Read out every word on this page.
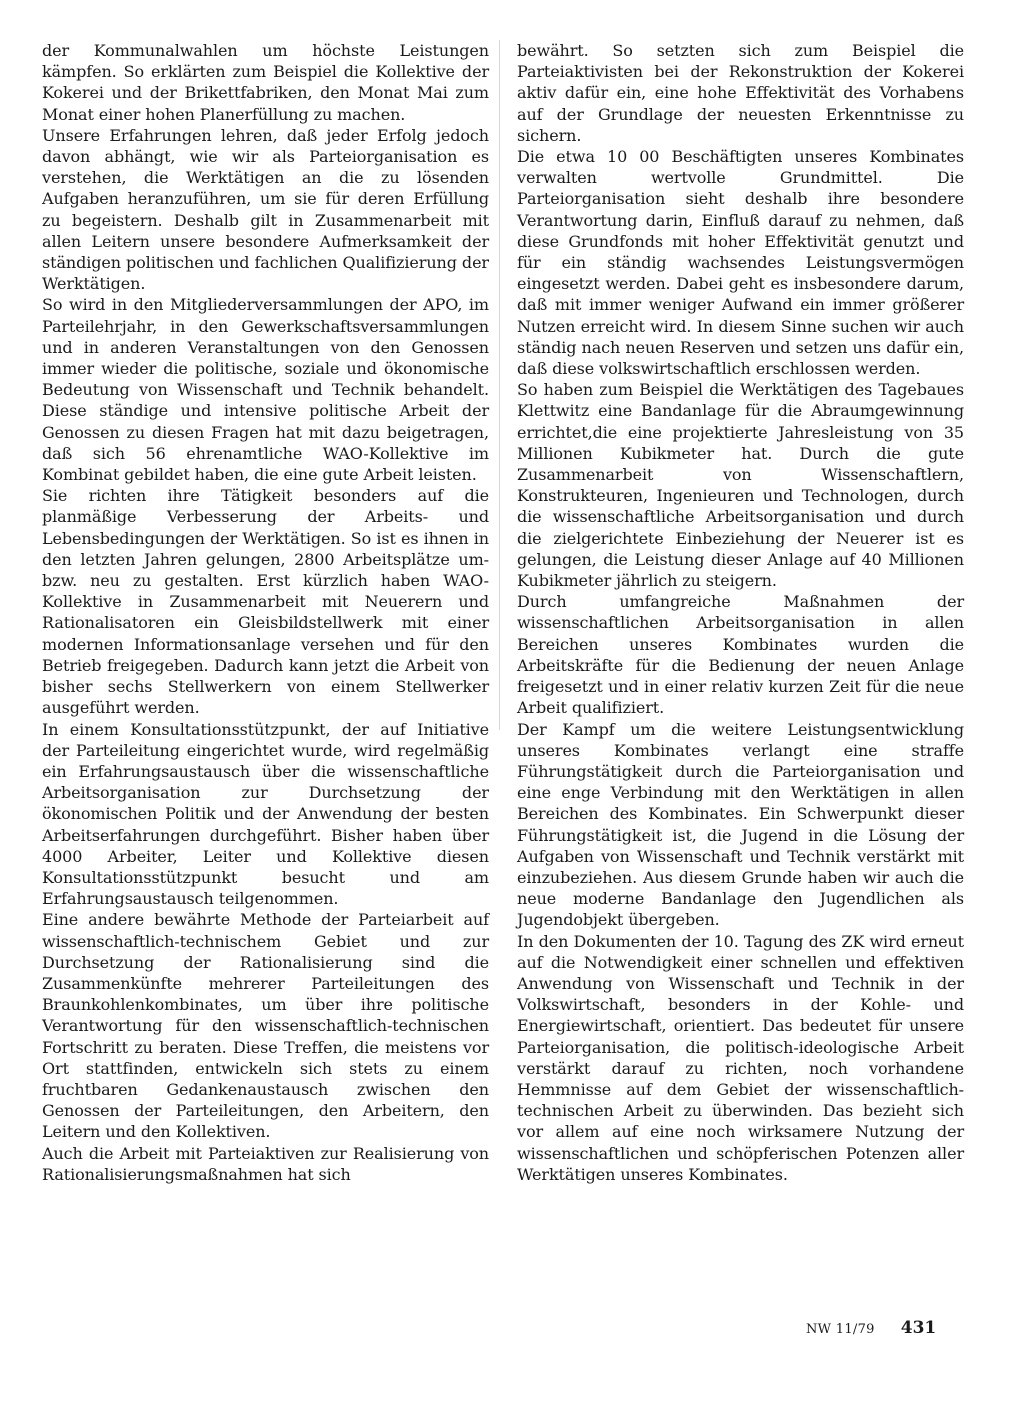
der Kommunalwahlen um höchste Leistungen kämpfen. So erklärten zum Beispiel die Kollektive der Kokerei und der Brikettfabriken, den Monat Mai zum Monat einer hohen Planerfüllung zu machen.

Unsere Erfahrungen lehren, daß jeder Erfolg jedoch davon abhängt, wie wir als Parteiorganisation es verstehen, die Werktätigen an die zu lösenden Aufgaben heranzuführen, um sie für deren Erfüllung zu begeistern. Deshalb gilt in Zusammenarbeit mit allen Leitern unsere besondere Aufmerksamkeit der ständigen politischen und fachlichen Qualifizierung der Werktätigen.

So wird in den Mitgliederversammlungen der APO, im Parteilehrjahr, in den Gewerkschaftsversammlungen und in anderen Veranstaltungen von den Genossen immer wieder die politische, soziale und ökonomische Bedeutung von Wissenschaft und Technik behandelt. Diese ständige und intensive politische Arbeit der Genossen zu diesen Fragen hat mit dazu beigetragen, daß sich 56 ehrenamtliche WAO-Kollektive im Kombinat gebildet haben, die eine gute Arbeit leisten.

Sie richten ihre Tätigkeit besonders auf die planmäßige Verbesserung der Arbeits- und Lebensbedingungen der Werktätigen. So ist es ihnen in den letzten Jahren gelungen, 2800 Arbeitsplätze um- bzw. neu zu gestalten. Erst kürzlich haben WAO-Kollektive in Zusammenarbeit mit Neuerern und Rationalisatoren ein Gleisbildstellwerk mit einer modernen Informationsanlage versehen und für den Betrieb freigegeben. Dadurch kann jetzt die Arbeit von bisher sechs Stellwerkern von einem Stellwerker ausgeführt werden.

In einem Konsultationsstützpunkt, der auf Initiative der Parteileitung eingerichtet wurde, wird regelmäßig ein Erfahrungsaustausch über die wissenschaftliche Arbeitsorganisation zur Durchsetzung der ökonomischen Politik und der Anwendung der besten Arbeitserfahrungen durchgeführt. Bisher haben über 4000 Arbeiter, Leiter und Kollektive diesen Konsultationsstützpunkt besucht und am Erfahrungsaustausch teilgenommen.

Eine andere bewährte Methode der Parteiarbeit auf wissenschaftlich-technischem Gebiet und zur Durchsetzung der Rationalisierung sind die Zusammenkünfte mehrerer Parteileitungen des Braunkohlenkombinates, um über ihre politische Verantwortung für den wissenschaftlich-technischen Fortschritt zu beraten. Diese Treffen, die meistens vor Ort stattfinden, entwickeln sich stets zu einem fruchtbaren Gedankenaustausch zwischen den Genossen der Parteileitungen, den Arbeitern, den Leitern und den Kollektiven.

Auch die Arbeit mit Parteiaktiven zur Realisierung von Rationalisierungsmaßnahmen hat sich

bewährt. So setzten sich zum Beispiel die Parteiaktivisten bei der Rekonstruktion der Kokerei aktiv dafür ein, eine hohe Effektivität des Vorhabens auf der Grundlage der neuesten Erkenntnisse zu sichern.

Die etwa 10 00 Beschäftigten unseres Kombinates verwalten wertvolle Grundmittel. Die Parteiorganisation sieht deshalb ihre besondere Verantwortung darin, Einfluß darauf zu nehmen, daß diese Grundfonds mit hoher Effektivität genutzt und für ein ständig wachsendes Leistungsvermögen eingesetzt werden. Dabei geht es insbesondere darum, daß mit immer weniger Aufwand ein immer größerer Nutzen erreicht wird. In diesem Sinne suchen wir auch ständig nach neuen Reserven und setzen uns dafür ein, daß diese volkswirtschaftlich erschlossen werden.

So haben zum Beispiel die Werktätigen des Tagebaues Klettwitz eine Bandanlage für die Abraumgewinnung errichtet,die eine projektierte Jahresleistung von 35 Millionen Kubikmeter hat. Durch die gute Zusammenarbeit von Wissenschaftlern, Konstrukteuren, Ingenieuren und Technologen, durch die wissenschaftliche Arbeitsorganisation und durch die zielgerichtete Einbeziehung der Neuerer ist es gelungen, die Leistung dieser Anlage auf 40 Millionen Kubikmeter jährlich zu steigern.

Durch umfangreiche Maßnahmen der wissenschaftlichen Arbeitsorganisation in allen Bereichen unseres Kombinates wurden die Arbeitskräfte für die Bedienung der neuen Anlage freigesetzt und in einer relativ kurzen Zeit für die neue Arbeit qualifiziert.

Der Kampf um die weitere Leistungsentwicklung unseres Kombinates verlangt eine straffe Führungstätigkeit durch die Parteiorganisation und eine enge Verbindung mit den Werktätigen in allen Bereichen des Kombinates. Ein Schwerpunkt dieser Führungstätigkeit ist, die Jugend in die Lösung der Aufgaben von Wissenschaft und Technik verstärkt mit einzubeziehen. Aus diesem Grunde haben wir auch die neue moderne Bandanlage den Jugendlichen als Jugendobjekt übergeben.

In den Dokumenten der 10. Tagung des ZK wird erneut auf die Notwendigkeit einer schnellen und effektiven Anwendung von Wissenschaft und Technik in der Volkswirtschaft, besonders in der Kohle- und Energiewirtschaft, orientiert. Das bedeutet für unsere Parteiorganisation, die politisch-ideologische Arbeit verstärkt darauf zu richten, noch vorhandene Hemmnisse auf dem Gebiet der wissenschaftlich-technischen Arbeit zu überwinden. Das bezieht sich vor allem auf eine noch wirksamere Nutzung der wissenschaftlichen und schöpferischen Potenzen aller Werktätigen unseres Kombinates.

NW 11/79 431
